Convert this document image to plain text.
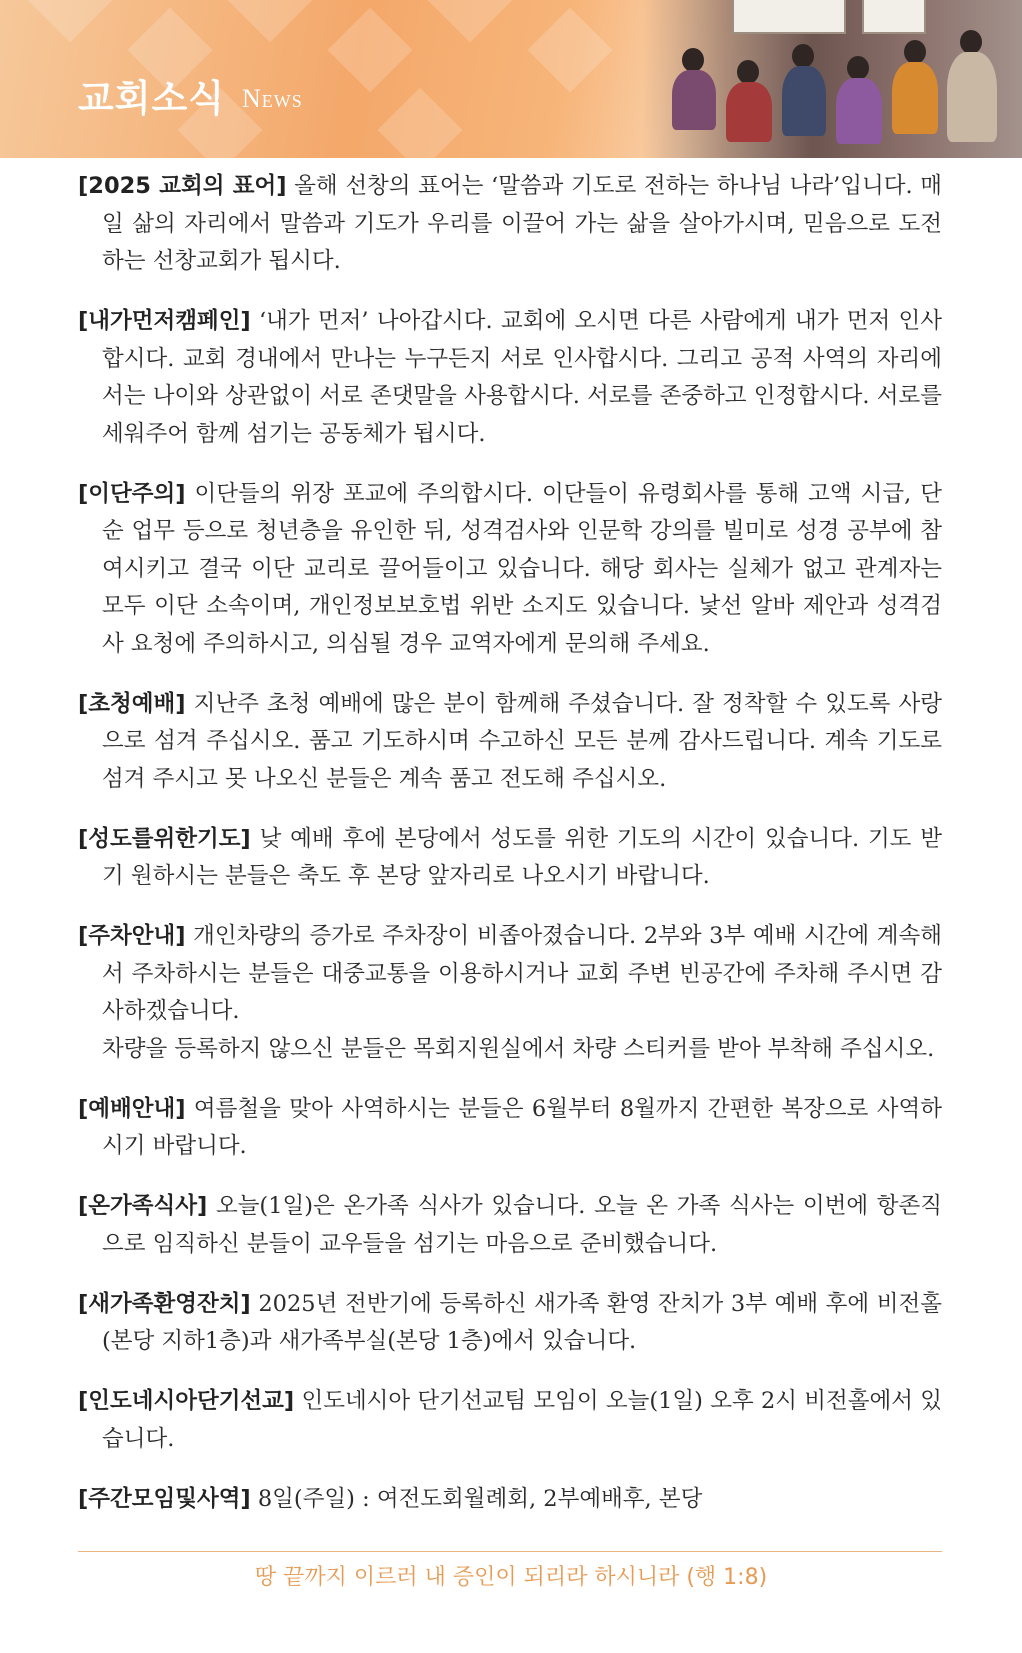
교회소식 News

[2025 교회의 표어] 올해 선창의 표어는 ‘말씀과 기도로 전하는 하나님 나라’입니다. 매일 삶의 자리에서 말씀과 기도가 우리를 이끌어 가는 삶을 살아가시며, 믿음으로 도전하는 선창교회가 됩시다.

[내가먼저캠페인] ‘내가 먼저’ 나아갑시다. 교회에 오시면 다른 사람에게 내가 먼저 인사합시다. 교회 경내에서 만나는 누구든지 서로 인사합시다. 그리고 공적 사역의 자리에서는 나이와 상관없이 서로 존댓말을 사용합시다. 서로를 존중하고 인정합시다. 서로를 세워주어 함께 섬기는 공동체가 됩시다.

[이단주의] 이단들의 위장 포교에 주의합시다. 이단들이 유령회사를 통해 고액 시급, 단순 업무 등으로 청년층을 유인한 뒤, 성격검사와 인문학 강의를 빌미로 성경 공부에 참여시키고 결국 이단 교리로 끌어들이고 있습니다. 해당 회사는 실체가 없고 관계자는 모두 이단 소속이며, 개인정보보호법 위반 소지도 있습니다. 낯선 알바 제안과 성격검사 요청에 주의하시고, 의심될 경우 교역자에게 문의해 주세요.

[초청예배] 지난주 초청 예배에 많은 분이 함께해 주셨습니다. 잘 정착할 수 있도록 사랑으로 섬겨 주십시오. 품고 기도하시며 수고하신 모든 분께 감사드립니다. 계속 기도로 섬겨 주시고 못 나오신 분들은 계속 품고 전도해 주십시오.

[성도를위한기도] 낮 예배 후에 본당에서 성도를 위한 기도의 시간이 있습니다. 기도 받기 원하시는 분들은 축도 후 본당 앞자리로 나오시기 바랍니다.

[주차안내] 개인차량의 증가로 주차장이 비좁아졌습니다. 2부와 3부 예배 시간에 계속해서 주차하시는 분들은 대중교통을 이용하시거나 교회 주변 빈공간에 주차해 주시면 감사하겠습니다.
차량을 등록하지 않으신 분들은 목회지원실에서 차량 스티커를 받아 부착해 주십시오.

[예배안내] 여름철을 맞아 사역하시는 분들은 6월부터 8월까지 간편한 복장으로 사역하시기 바랍니다.

[온가족식사] 오늘(1일)은 온가족 식사가 있습니다. 오늘 온 가족 식사는 이번에 항존직으로 임직하신 분들이 교우들을 섬기는 마음으로 준비했습니다.

[새가족환영잔치] 2025년 전반기에 등록하신 새가족 환영 잔치가 3부 예배 후에 비전홀(본당 지하1층)과 새가족부실(본당 1층)에서 있습니다.

[인도네시아단기선교] 인도네시아 단기선교팀 모임이 오늘(1일) 오후 2시 비전홀에서 있습니다.

[주간모임및사역] 8일(주일) : 여전도회월례회, 2부예배후, 본당

땅 끝까지 이르러 내 증인이 되리라 하시니라 (행 1:8)
